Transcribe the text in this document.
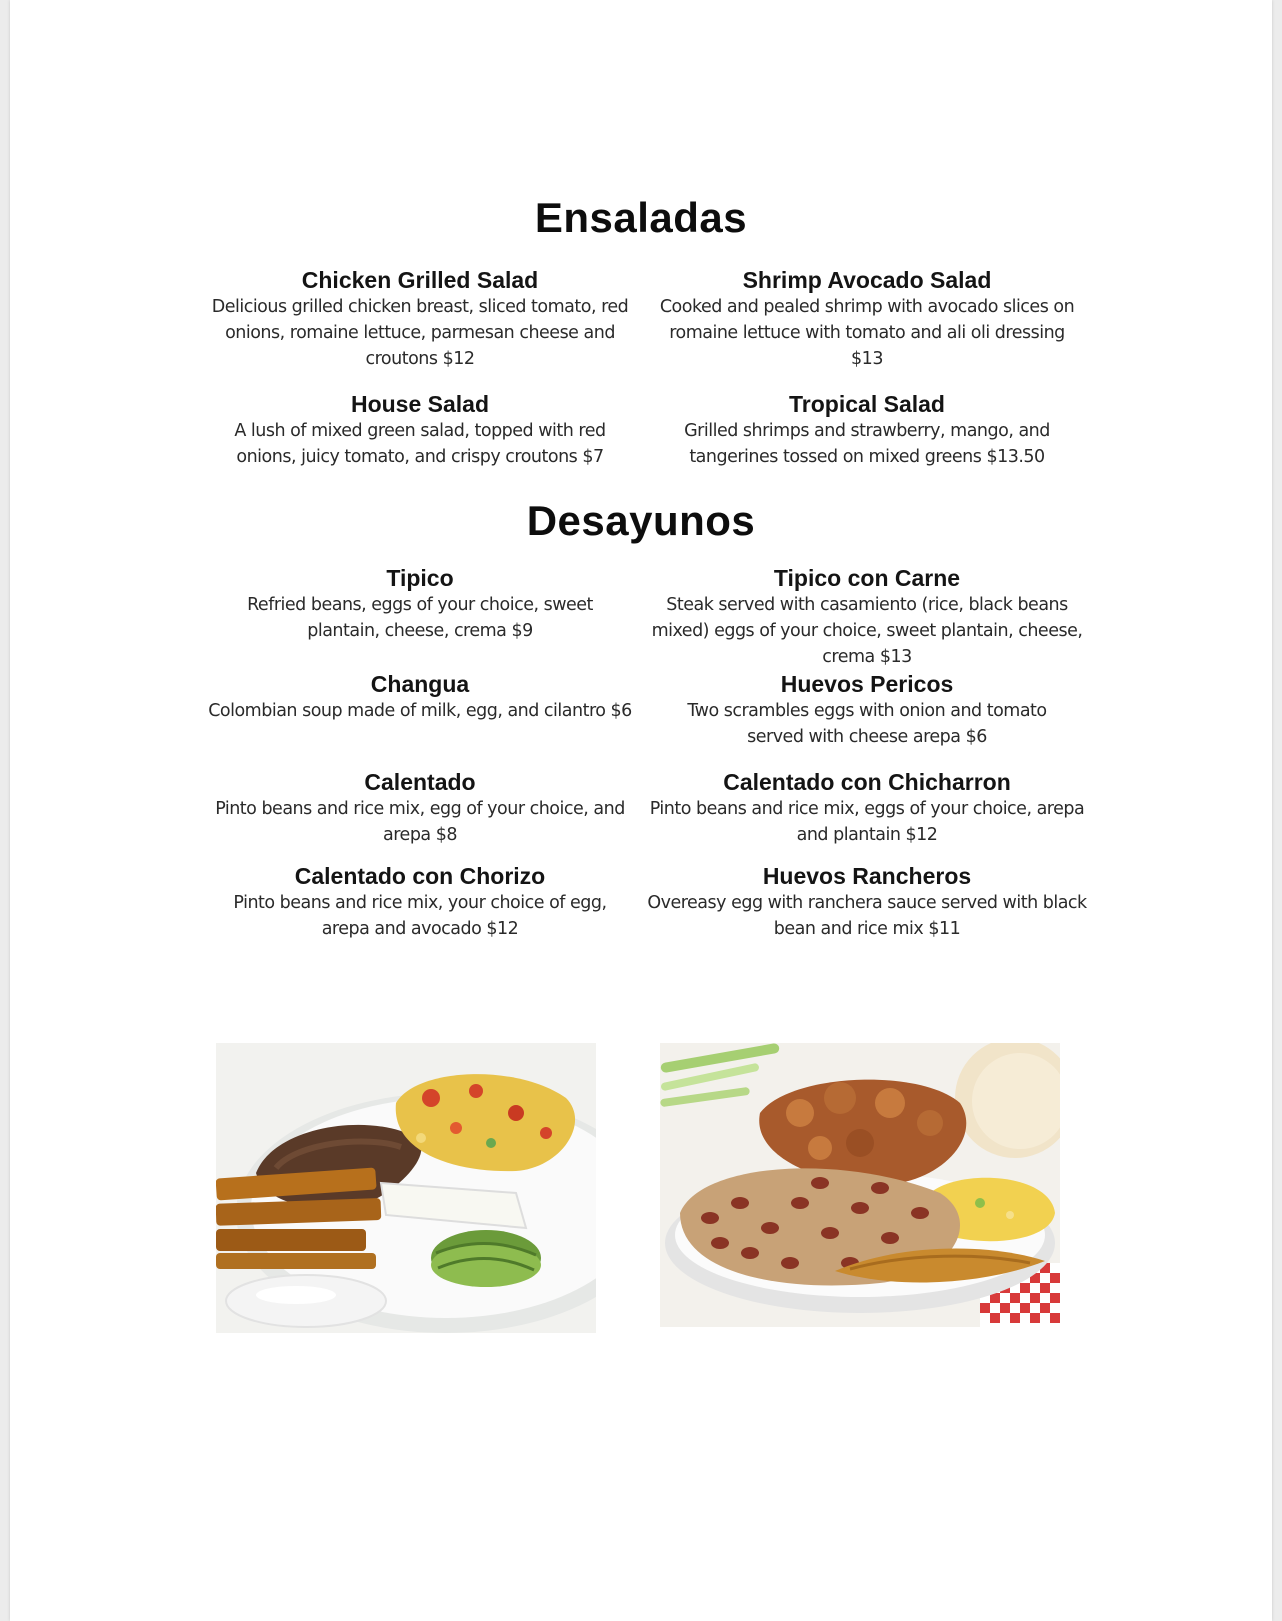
Ensaladas
Chicken Grilled Salad
Delicious grilled chicken breast, sliced tomato, red onions, romaine lettuce, parmesan cheese and croutons $12
Shrimp Avocado Salad
Cooked and pealed shrimp with avocado slices on romaine lettuce with tomato and ali oli dressing $13
House Salad
A lush of mixed green salad, topped with red onions, juicy tomato, and crispy croutons $7
Tropical Salad
Grilled shrimps and strawberry, mango, and tangerines tossed on mixed greens $13.50
Desayunos
Tipico
Refried beans, eggs of your choice, sweet plantain, cheese, crema $9
Tipico con Carne
Steak served with casamiento (rice, black beans mixed) eggs of your choice, sweet plantain, cheese, crema $13
Changua
Colombian soup made of milk, egg, and cilantro $6
Huevos Pericos
Two scrambles eggs with onion and tomato served with cheese arepa $6
Calentado
Pinto beans and rice mix, egg of your choice, and arepa $8
Calentado con Chicharron
Pinto beans and rice mix, eggs of your choice, arepa and plantain $12
Calentado con Chorizo
Pinto beans and rice mix, your choice of egg, arepa and avocado $12
Huevos Rancheros
Overeasy egg with ranchera sauce served with black bean and rice mix $11
